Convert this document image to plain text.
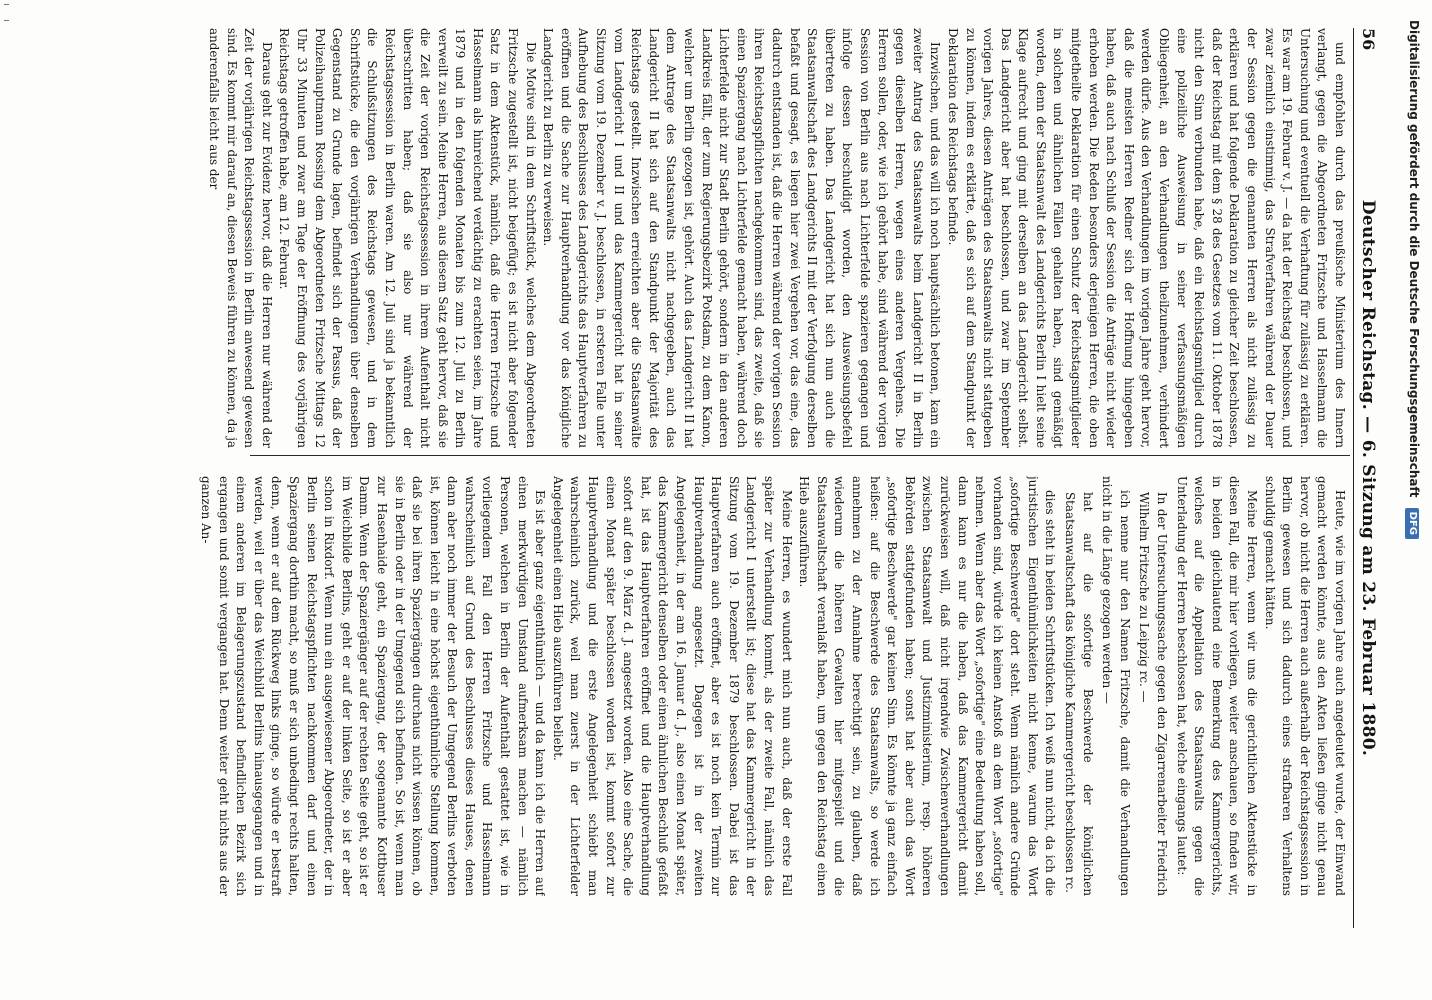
56
Deutscher Reichstag. — 6. Sitzung am 23. Februar 1880.

und empfohlen durch das preußische Ministerium des Innern verlangt, gegen die Abgeordneten Fritzsche und Hasselmann die Untersuchung und eventuell die Verhaftung für zulässig zu erklären. Es war am 19. Februar v. J. — da hat der Reichstag beschlossen, und zwar ziemlich einstimmig, das Strafverfahren während der Dauer der Session gegen die genannten Herren als nicht zulässig zu erklären und hat folgende Deklaration zu gleicher Zeit beschlossen, daß der Reichstag mit dem § 28 des Gesetzes vom 11. Oktober 1878 nicht den Sinn verbunden habe, daß ein Reichstagsmitglied durch eine polizeiliche Ausweisung in seiner verfassungsmäßigen Obliegenheit, an den Verhandlungen theilzunehmen, verhindert werden dürfe. Aus den Verhandlungen im vorigen Jahre geht hervor, daß die meisten Herren Redner sich der Hoffnung hingegeben haben, daß auch nach Schluß der Session die Anträge nicht wieder erhoben werden. Die Reden besonders derjenigen Herren, die oben mitgetheilte Deklaration für einen Schutz der Reichstagsmitglieder in solchen und ähnlichen Fällen gehalten haben, sind gemäßigt worden, denn der Staatsanwalt des Landgerichts Berlin I hielt seine Klage aufrecht und ging mit derselben an das Landgericht selbst. Das Landgericht aber hat beschlossen, und zwar im September vorigen Jahres, diesen Anträgen des Staatsanwalts nicht stattgeben zu können, indem es erklärte, daß es sich auf dem Standpunkt der Deklaration des Reichstags befinde.

Inzwischen, und das will ich noch hauptsächlich betonen, kam ein zweiter Antrag des Staatsanwalts beim Landgericht II in Berlin gegen dieselben Herren, wegen eines anderen Vergehens. Die Herren sollen, oder, wie ich gehört habe, sind während der vorigen Session von Berlin aus nach Lichterfelde spazieren gegangen und infolge dessen beschuldigt worden, den Ausweisungsbefehl übertreten zu haben. Das Landgericht hat sich nun auch die Staatsanwaltschaft des Landgerichts II mit der Verfolgung derselben befaßt und gesagt, es liegen hier zwei Vergehen vor, das eine, das dadurch entstanden ist, daß die Herren während der vorigen Session ihren Reichstagspflichten nachgekommen sind, das zweite, daß sie einen Spaziergang nach Lichterfelde gemacht haben, während doch Lichterfelde nicht zur Stadt Berlin gehört, sondern in den anderen Landkreis fällt, der zum Regierungsbezirk Potsdam, zu dem Kanon, welcher um Berlin gezogen ist, gehört. Auch das Landgericht II hat dem Antrage des Staatsanwalts nicht nachgegeben, auch das Landgericht II hat sich auf den Standpunkt der Majorität des Reichstags gestellt. Inzwischen erreichten aber die Staatsanwälte vom Landgericht I und II und das Kammergericht hat in seiner Sitzung vom 19. Dezember v. J. beschlossen, in ersteren Falle unter Aufhebung des Beschlusses des Landgerichts das Hauptverfahren zu eröffnen und die Sache zur Hauptverhandlung vor das königliche Landgericht zu Berlin zu verweisen.

Die Motive sind in dem Schriftstück, welches dem Abgeordneten Fritzsche zugestellt ist, nicht beigefügt; es ist nicht aber folgender Satz in dem Aktenstück, nämlich, daß die Herren Fritzsche und Hasselmann als hinreichend verdächtig zu erachten seien, im Jahre 1879 und in den folgenden Monaten bis zum 12. Juli zu Berlin verweilt zu sein. Meine Herren, aus diesem Satz geht hervor, daß sie die Zeit der vorigen Reichstagssession in ihrem Aufenthalt nicht überschritten haben; daß sie also nur während der Reichstagssession in Berlin waren. Am 12. Juli sind ja bekanntlich die Schlußsitzungen des Reichstags gewesen, und in dem Schriftstücke, die den vorjährigen Verhandlungen über denselben Gegenstand zu Grunde lagen, befindet sich der Passus, daß der Polizeihauptmann Rossing dem Abgeordneten Fritzsche Mittags 12 Uhr 33 Minuten und zwar am Tage der Eröffnung des vorjährigen Reichstags getroffen habe, am 12. Februar.

Daraus geht zur Evidenz hervor, daß die Herren nur während der Zeit der vorjährigen Reichstagssession in Berlin anwesend gewesen sind. Es kommt mir darauf an, diesen Beweis führen zu können, da ja anderenfalls leicht aus der

Heute, wie im vorigen Jahre auch angedeutet wurde, der Einwand gemacht werden könnte, aus den Akten ließen ginge nicht genau hervor, ob nicht die Herren auch außerhalb der Reichstagssession in Berlin gewesen und sich dadurch eines strafbaren Verhaltens schuldig gemacht hätten.

Meine Herren, wenn wir uns die gerichtlichen Aktenstücke in diesen Fall, die mir hier vorliegen, weiter anschauen, so finden wir, in beiden gleichlautend eine Bemerkung des Kammergerichts, welches auf die Appellation des Staatsanwalts gegen die Unterladung der Herren beschlossen hat, welche eingangs lautet:

In der Untersuchungssache gegen den Zigarrenarbeiter Friedrich Wilhelm Fritzsche zu Leipzig rc. —

ich nenne nur den Namen Fritzsche, damit die Verhandlungen nicht in die Länge gezogen werden —

hat auf die sofortige Beschwerde der königlichen Staatsanwaltschaft das königliche Kammergericht beschlossen rc.

dies steht in beiden Schriftstücken. Ich weiß nun nicht, da ich die juristischen Eigenthümlichkeiten nicht kenne, warum das Wort „sofortige Beschwerde" dort steht. Wenn nämlich andere Gründe vorhanden sind, würde ich keinen Anstoß an dem Wort „sofortige" nehmen. Wenn aber das Wort „sofortige" eine Bedeutung haben soll, dann kann es nur die haben, daß das Kammergericht damit zurückweisen will, daß nicht irgendwie Zwischenverhandlungen zwischen Staatsanwalt und Justizministerium, resp. höheren Behörden stattgefunden haben; sonst hat aber auch das Wort „sofortige Beschwerde" gar keinen Sinn. Es könnte ja ganz einfach heißen: auf die Beschwerde des Staatsanwalts, so werde ich annehmen zu der Annahme berechtigt sein, zu glauben, daß wiederum die höheren Gewalten hier mitgespielt und die Staatsanwaltschaft veranlaßt haben, um gegen den Reichstag einen Hieb auszuführen.

Meine Herren, es wundert mich nun auch, daß der erste Fall später zur Verhandlung kommt, als der zweite Fall, nämlich das Landgericht I unterstellt ist; diese hat das Kammergericht in der Sitzung vom 19. Dezember 1879 beschlossen. Dabei ist das Hauptverfahren auch eröffnet, aber es ist noch kein Termin zur Hauptverhandlung angesetzt. Dagegen ist in der zweiten Angelegenheit, in der am 16. Januar d. J., also einen Monat später, das Kammergericht denselben oder einen ähnlichen Beschluß gefaßt hat, ist das Hauptverfahren eröffnet und die Hauptverhandlung sofort auf den 9. März d. J. angesetzt worden. Also eine Sache, die einen Monat später beschlossen worden ist, kommt sofort zur Hauptverhandlung und die erste Angelegenheit schiebt man wahrscheinlich zurück, weil man zuerst in der Lichterfelder Angelegenheit einen Hieb auszuführen beliebt.

Es ist aber ganz eigenthümlich — und da kann ich die Herren auf einen merkwürdigen Umstand aufmerksam machen — nämlich Personen, welchen in Berlin der Aufenthalt gestattet ist, wie in vorliegendem Fall den Herren Fritzsche und Hasselmann wahrscheinlich auf Grund des Beschlusses dieses Hauses, denen dann aber noch immer der Besuch der Umgegend Berlins verboten ist, können leicht in eine höchst eigenthümliche Stellung kommen, daß sie bei ihren Spaziergängen durchaus nicht wissen können, ob sie in Berlin oder in der Umgegend sich befinden. So ist, wenn man zur Hasenhaide geht, ein Spaziergang, der sogenannte Kottbuser Damm. Wenn der Spaziergänger auf der rechten Seite geht, so ist er im Weichbilde Berlins, geht er auf der linken Seite, so ist er aber schon in Rixdorf. Wenn nun ein ausgewiesener Abgeordneter, der in Berlin seinen Reichstagspflichten nachkommen darf und einen Spaziergang dorthin macht, so muß er sich unbedingt rechts halten, denn, wenn er auf dem Rückweg links ginge, so würde er bestraft werden, weil er über das Weichbild Berlins hinausgegangen und in einem anderen im Belagerungszustand befindlichen Bezirk sich ergangen und somit vergangen hat. Denn weiter geht nichts aus der ganzen An-

Digitalisierung gefördert durch die Deutsche Forschungsgemeinschaft DFG
